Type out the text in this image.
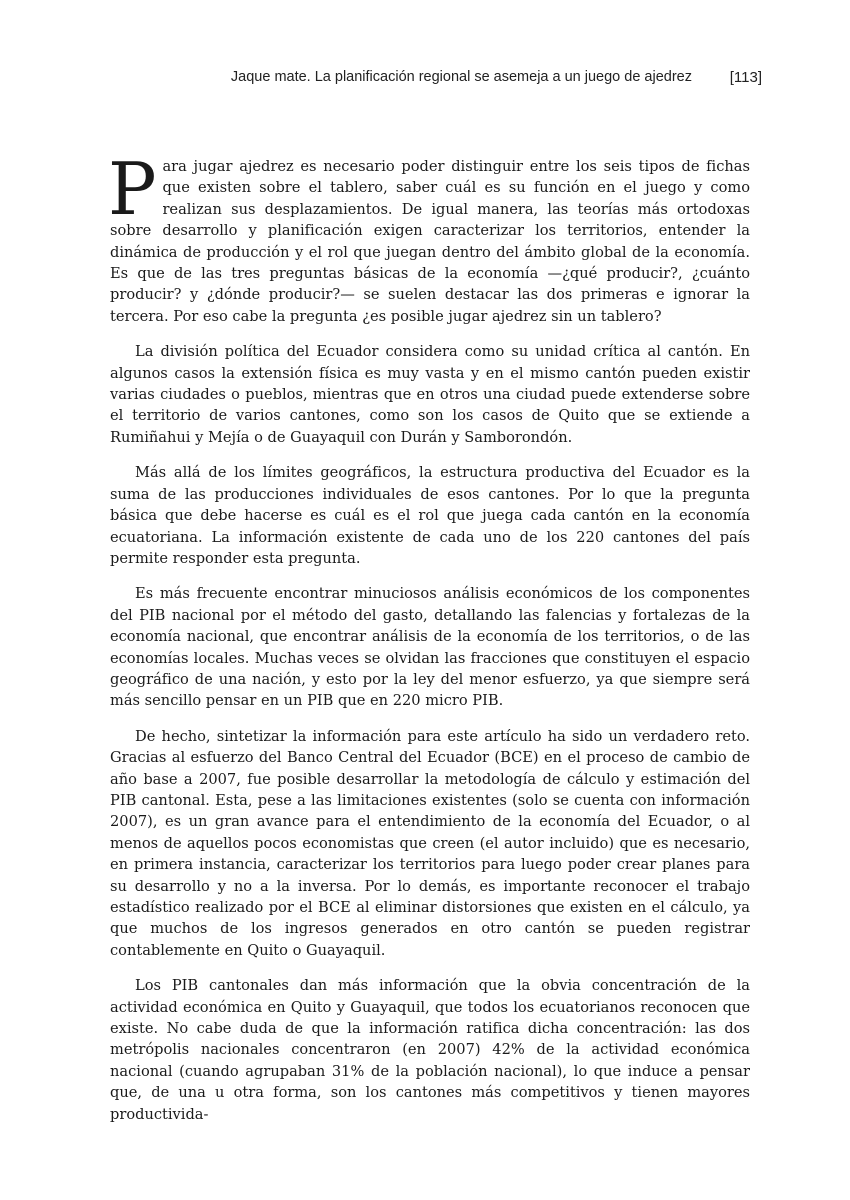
Jaque mate. La planificación regional se asemeja a un juego de ajedrez	[113]

Para jugar ajedrez es necesario poder distinguir entre los seis tipos de fichas que existen sobre el tablero, saber cuál es su función en el juego y como realizan sus desplazamientos. De igual manera, las teorías más ortodoxas sobre desarrollo y planificación exigen caracterizar los territorios, entender la dinámica de producción y el rol que juegan dentro del ámbito global de la economía. Es que de las tres preguntas básicas de la economía —¿qué producir?, ¿cuánto producir? y ¿dónde producir?— se suelen destacar las dos primeras e ignorar la tercera. Por eso cabe la pregunta ¿es posible jugar ajedrez sin un tablero?

La división política del Ecuador considera como su unidad crítica al cantón. En algunos casos la extensión física es muy vasta y en el mismo cantón pueden existir varias ciudades o pueblos, mientras que en otros una ciudad puede extenderse sobre el territorio de varios cantones, como son los casos de Quito que se extiende a Rumiñahui y Mejía o de Guayaquil con Durán y Samborondón.

Más allá de los límites geográficos, la estructura productiva del Ecuador es la suma de las producciones individuales de esos cantones. Por lo que la pregunta básica que debe hacerse es cuál es el rol que juega cada cantón en la economía ecuatoriana. La información existente de cada uno de los 220 cantones del país permite responder esta pregunta.

Es más frecuente encontrar minuciosos análisis económicos de los componentes del PIB nacional por el método del gasto, detallando las falencias y fortalezas de la economía nacional, que encontrar análisis de la economía de los territorios, o de las economías locales. Muchas veces se olvidan las fracciones que constituyen el espacio geográfico de una nación, y esto por la ley del menor esfuerzo, ya que siempre será más sencillo pensar en un PIB que en 220 micro PIB.

De hecho, sintetizar la información para este artículo ha sido un verdadero reto. Gracias al esfuerzo del Banco Central del Ecuador (BCE) en el proceso de cambio de año base a 2007, fue posible desarrollar la metodología de cálculo y estimación del PIB cantonal. Esta, pese a las limitaciones existentes (solo se cuenta con información 2007), es un gran avance para el entendimiento de la economía del Ecuador, o al menos de aquellos pocos economistas que creen (el autor incluido) que es necesario, en primera instancia, caracterizar los territorios para luego poder crear planes para su desarrollo y no a la inversa. Por lo demás, es importante reconocer el trabajo estadístico realizado por el BCE al eliminar distorsiones que existen en el cálculo, ya que muchos de los ingresos generados en otro cantón se pueden registrar contablemente en Quito o Guayaquil.

Los PIB cantonales dan más información que la obvia concentración de la actividad económica en Quito y Guayaquil, que todos los ecuatorianos reconocen que existe. No cabe duda de que la información ratifica dicha concentración: las dos metrópolis nacionales concentraron (en 2007) 42% de la actividad económica nacional (cuando agrupaban 31% de la población nacional), lo que induce a pensar que, de una u otra forma, son los cantones más competitivos y tienen mayores productivida-
